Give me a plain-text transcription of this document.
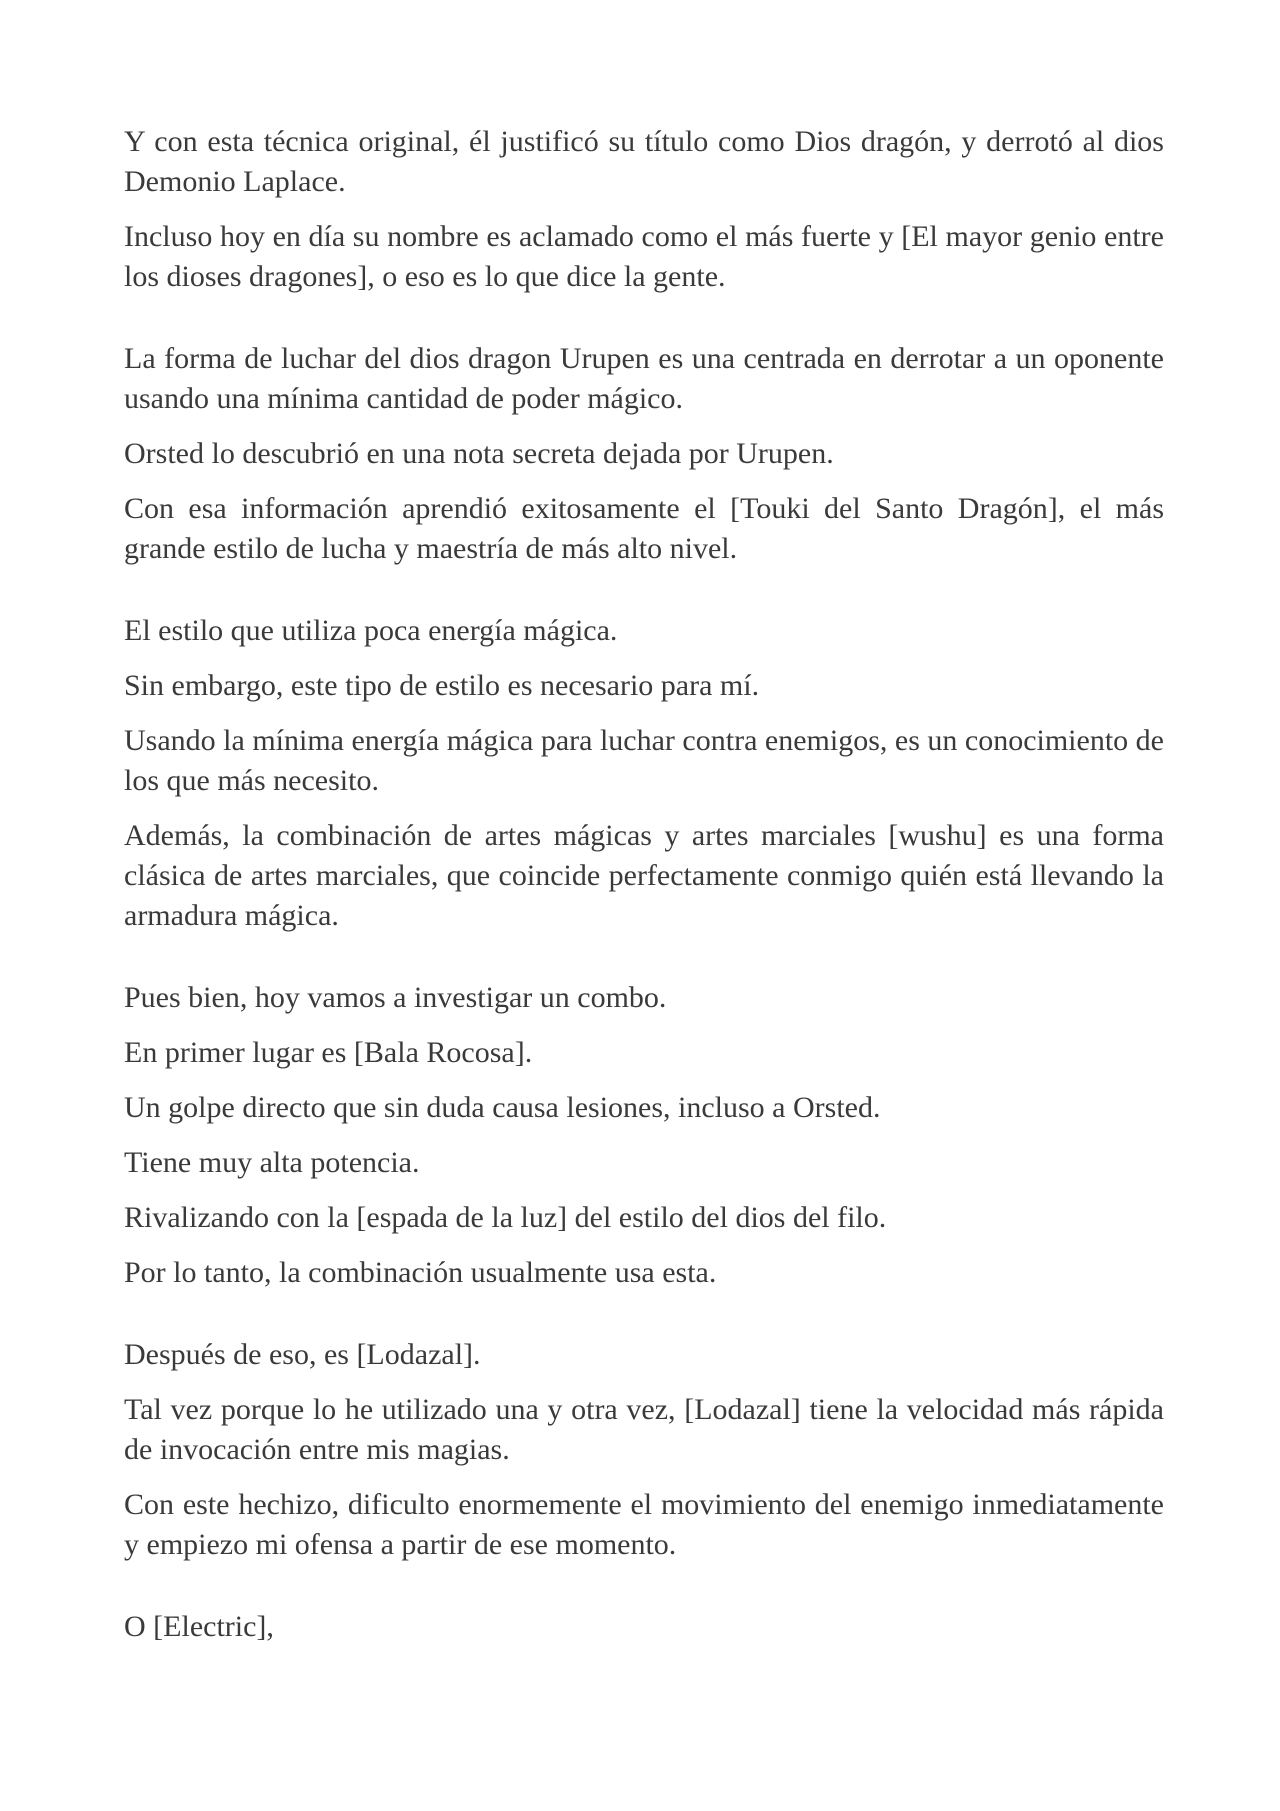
Y con esta técnica original, él justificó su título como Dios dragón, y derrotó al dios Demonio Laplace.

Incluso hoy en día su nombre es aclamado como el más fuerte y [El mayor genio entre los dioses dragones], o eso es lo que dice la gente.

La forma de luchar del dios dragon Urupen es una centrada en derrotar a un oponente usando una mínima cantidad de poder mágico.

Orsted lo descubrió en una nota secreta dejada por Urupen.

Con esa información aprendió exitosamente el [Touki del Santo Dragón], el más grande estilo de lucha y maestría de más alto nivel.

El estilo que utiliza poca energía mágica.

Sin embargo, este tipo de estilo es necesario para mí.

Usando la mínima energía mágica para luchar contra enemigos, es un conocimiento de los que más necesito.

Además, la combinación de artes mágicas y artes marciales [wushu] es una forma clásica de artes marciales, que coincide perfectamente conmigo quién está llevando la armadura mágica.

Pues bien, hoy vamos a investigar un combo.

En primer lugar es [Bala Rocosa].

Un golpe directo que sin duda causa lesiones, incluso a Orsted.

Tiene muy alta potencia.

Rivalizando con la [espada de la luz] del estilo del dios del filo.

Por lo tanto, la combinación usualmente usa esta.

Después de eso, es [Lodazal].

Tal vez porque lo he utilizado una y otra vez, [Lodazal] tiene la velocidad más rápida de invocación entre mis magias.

Con este hechizo, dificulto enormemente el movimiento del enemigo inmediatamente y empiezo mi ofensa a partir de ese momento.

O [Electric],
